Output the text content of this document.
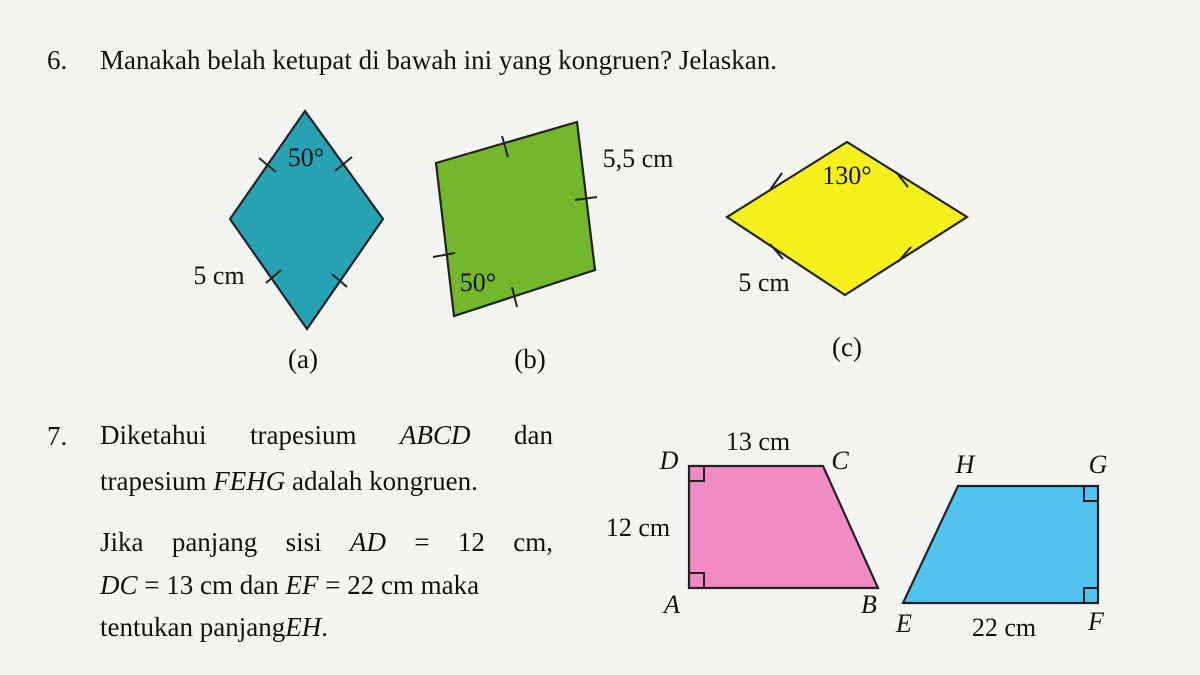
6. Manakah belah ketupat di bawah ini yang kongruen? Jelaskan.
7. Diketahui trapesium ABCD dan
trapesium FEHG adalah kongruen.
Jika panjang sisi AD = 12 cm,
DC = 13 cm dan EF = 22 cm maka
tentukan panjangEH.
50°
5 cm
(a)
50°
5,5 cm
(b)
130°
5 cm
(c)
D	C
A	B
13 cm
12 cm
H	G
E	F
22 cm
